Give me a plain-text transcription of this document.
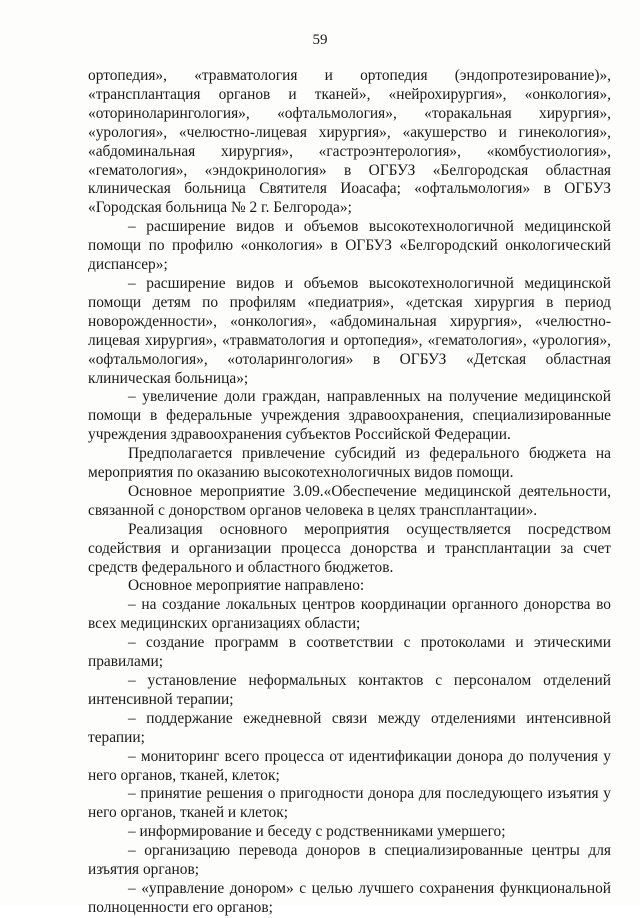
59

ортопедия», «травматология и ортопедия (эндопротезирование)», «трансплантация органов и тканей», «нейрохирургия», «онкология», «оториноларингология», «офтальмология», «торакальная хирургия», «урология», «челюстно-лицевая хирургия», «акушерство и гинекология», «абдоминальная хирургия», «гастроэнтерология», «комбустиология», «гематология», «эндокринология» в ОГБУЗ «Белгородская областная клиническая больница Святителя Иоасафа; «офтальмология» в ОГБУЗ «Городская больница № 2 г. Белгорода»;

– расширение видов и объемов высокотехнологичной медицинской помощи по профилю «онкология» в ОГБУЗ «Белгородский онкологический диспансер»;

– расширение видов и объемов высокотехнологичной медицинской помощи детям по профилям «педиатрия», «детская хирургия в период новорожденности», «онкология», «абдоминальная хирургия», «челюстно-лицевая хирургия», «травматология и ортопедия», «гематология», «урология», «офтальмология», «отоларингология» в ОГБУЗ «Детская областная клиническая больница»;

– увеличение доли граждан, направленных на получение медицинской помощи в федеральные учреждения здравоохранения, специализированные учреждения здравоохранения субъектов Российской Федерации.

Предполагается привлечение субсидий из федерального бюджета на мероприятия по оказанию высокотехнологичных видов помощи.

Основное мероприятие 3.09.«Обеспечение медицинской деятельности, связанной с донорством органов человека в целях трансплантации».

Реализация основного мероприятия осуществляется посредством содействия и организации процесса донорства и трансплантации за счет средств федерального и областного бюджетов.

Основное мероприятие направлено:

– на создание локальных центров координации органного донорства во всех медицинских организациях области;

– создание программ в соответствии с протоколами и этическими правилами;

– установление неформальных контактов с персоналом отделений интенсивной терапии;

– поддержание ежедневной связи между отделениями интенсивной терапии;

– мониторинг всего процесса от идентификации донора до получения у него органов, тканей, клеток;

– принятие решения о пригодности донора для последующего изъятия у него органов, тканей и клеток;

– информирование и беседу с родственниками умершего;

– организацию перевода доноров в специализированные центры для изъятия органов;

– «управление донором» с целью лучшего сохранения функциональной полноценности его органов;
